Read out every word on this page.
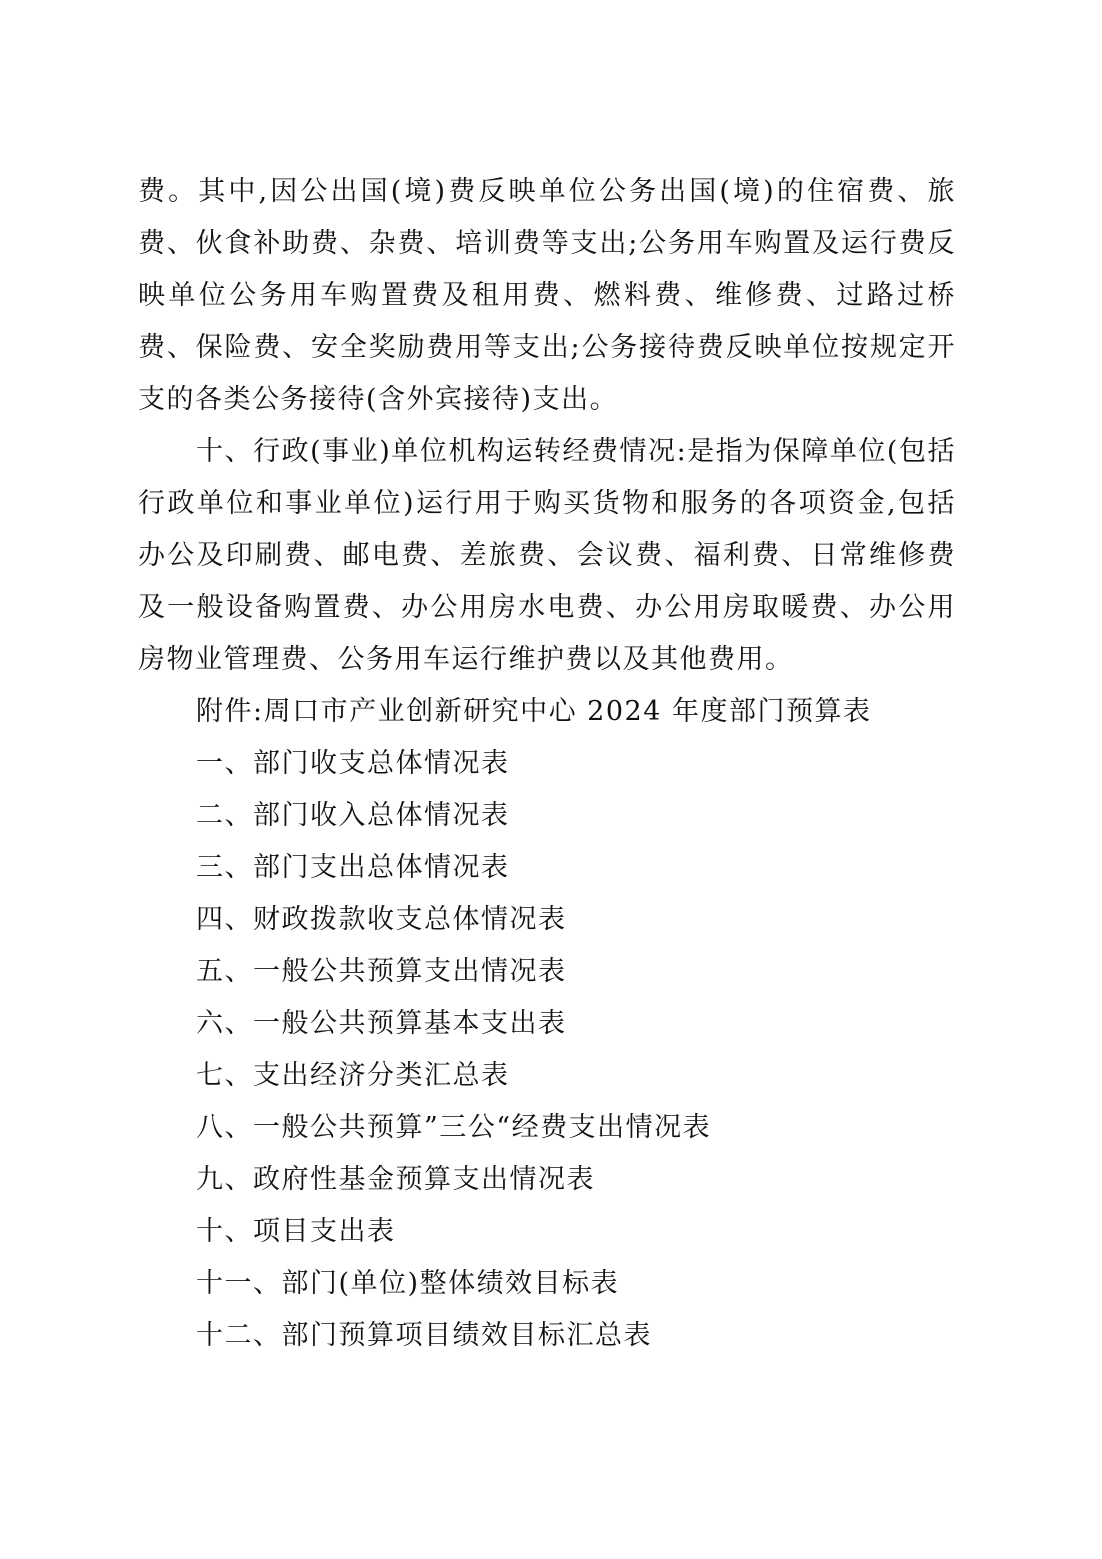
费。其中,因公出国(境)费反映单位公务出国(境)的住宿费、旅费、伙食补助费、杂费、培训费等支出;公务用车购置及运行费反映单位公务用车购置费及租用费、燃料费、维修费、过路过桥费、保险费、安全奖励费用等支出;公务接待费反映单位按规定开支的各类公务接待(含外宾接待)支出。

十、行政(事业)单位机构运转经费情况:是指为保障单位(包括行政单位和事业单位)运行用于购买货物和服务的各项资金,包括办公及印刷费、邮电费、差旅费、会议费、福利费、日常维修费及一般设备购置费、办公用房水电费、办公用房取暖费、办公用房物业管理费、公务用车运行维护费以及其他费用。

附件:周口市产业创新研究中心 2024 年度部门预算表

一、部门收支总体情况表

二、部门收入总体情况表

三、部门支出总体情况表

四、财政拨款收支总体情况表

五、一般公共预算支出情况表

六、一般公共预算基本支出表

七、支出经济分类汇总表

八、一般公共预算”三公“经费支出情况表

九、政府性基金预算支出情况表

十、项目支出表

十一、部门(单位)整体绩效目标表

十二、部门预算项目绩效目标汇总表
